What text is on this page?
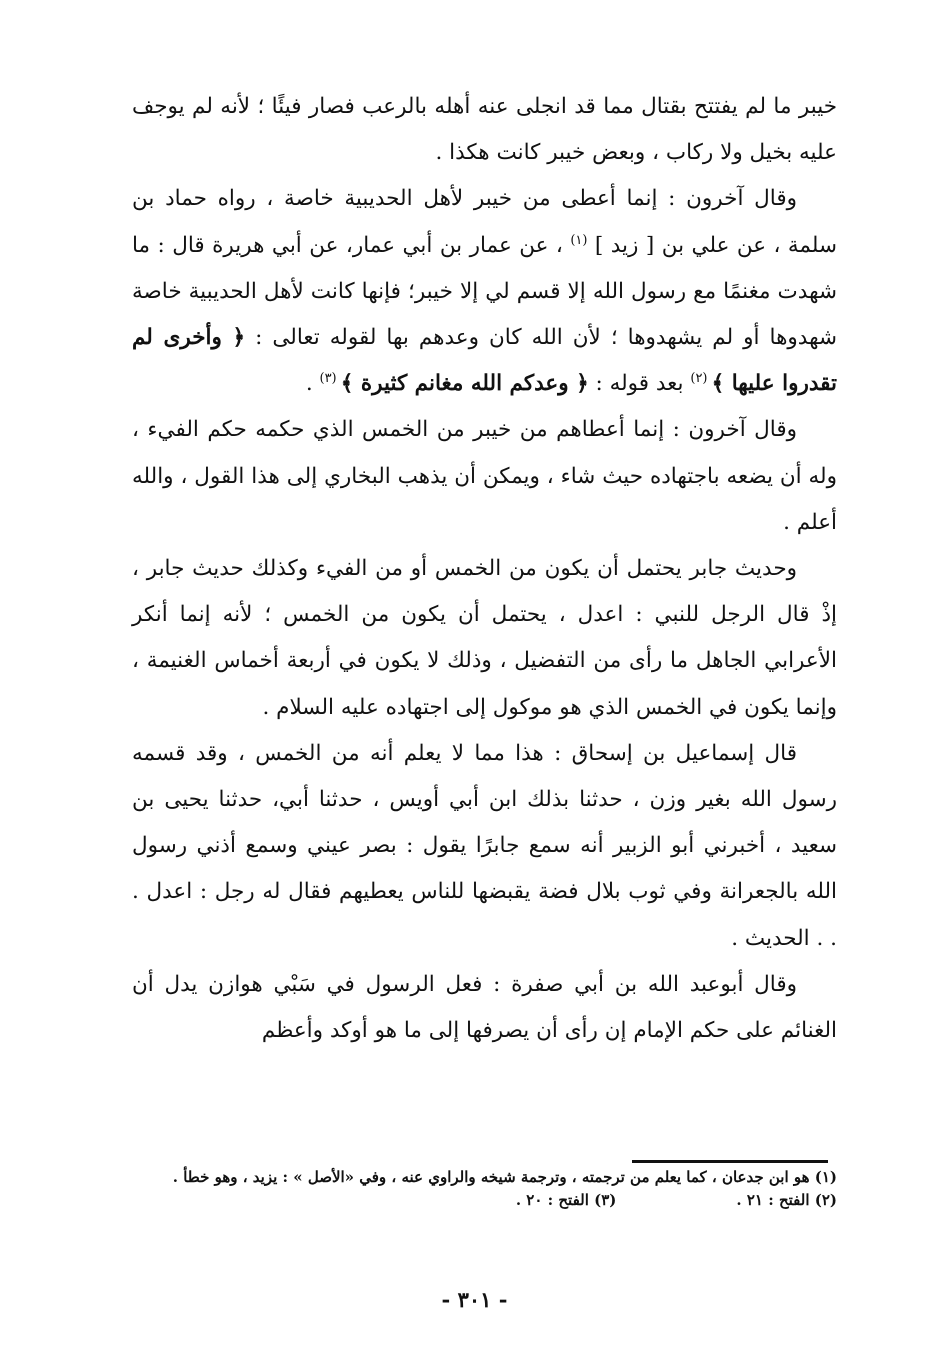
خيبر ما لم يفتتح بقتال مما قد انجلى عنه أهله بالرعب فصار فيئًا ؛ لأنه لم يوجف عليه بخيل ولا ركاب ، وبعض خيبر كانت هكذا .

وقال آخرون : إنما أعطى من خيبر لأهل الحديبية خاصة ، رواه حماد بن سلمة ، عن علي بن [ زيد ] $^{(١)}$ ، عن عمار بن أبي عمار، عن أبي هريرة قال : ما شهدت مغنمًا مع رسول الله إلا قسم لي إلا خيبر؛ فإنها كانت لأهل الحديبية خاصة شهدوها أو لم يشهدوها ؛ لأن الله كان وعدهم بها لقوله تعالى : ﴿ وأخرى لم تقدروا عليها ﴾ $^{(٢)}$ بعد قوله : ﴿ وعدكم الله مغانم كثيرة ﴾ $^{(٣)}$ .

وقال آخرون : إنما أعطاهم من خيبر من الخمس الذي حكمه حكم الفيء ، وله أن يضعه باجتهاده حيث شاء ، ويمكن أن يذهب البخاري إلى هذا القول ، والله أعلم .

وحديث جابر يحتمل أن يكون من الخمس أو من الفيء وكذلك حديث جابر ، إذْ قال الرجل للنبي : اعدل ، يحتمل أن يكون من الخمس ؛ لأنه إنما أنكر الأعرابي الجاهل ما رأى من التفضيل ، وذلك لا يكون في أربعة أخماس الغنيمة ، وإنما يكون في الخمس الذي هو موكول إلى اجتهاده عليه السلام .

قال إسماعيل بن إسحاق : هذا مما لا يعلم أنه من الخمس ، وقد قسمه رسول الله بغير وزن ، حدثنا بذلك ابن أبي أويس ، حدثنا أبي، حدثنا يحيى بن سعيد ، أخبرني أبو الزبير أنه سمع جابرًا يقول : بصر عيني وسمع أذني رسول الله بالجعرانة وفي ثوب بلال فضة يقبضها للناس يعطيهم فقال له رجل : اعدل . . . الحديث .

وقال أبوعبد الله بن أبي صفرة : فعل الرسول في سَبْي هوازن يدل أن الغنائم على حكم الإمام إن رأى أن يصرفها إلى ما هو أوكد وأعظم

(١) هو ابن جدعان ، كما يعلم من ترجمته ، وترجمة شيخه والراوي عنه ، وفي «الأصل » : يزيد ، وهو خطأ .

(٢) الفتح : ٢١ .

(٣) الفتح : ٢٠ .

- ٣٠١ -
